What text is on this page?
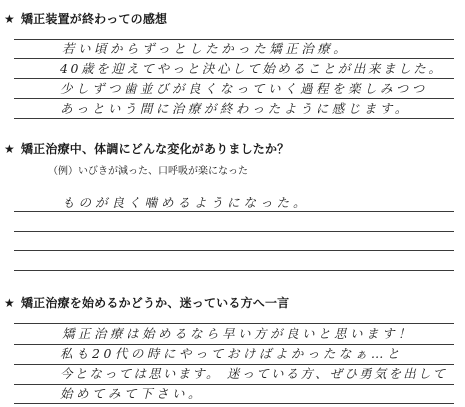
★ 矯正装置が終わっての感想
若い頃からずっとしたかった矯正治療。
40歳を迎えてやっと決心して始めることが出来ました。
少しずつ歯並びが良くなっていく過程を楽しみつつ
あっという間に治療が終わったように感じます。
★ 矯正治療中、体調にどんな変化がありましたか？
（例）いびきが減った、口呼吸が楽になった
ものが良く噛めるようになった。
★ 矯正治療を始めるかどうか、迷っている方へ一言
矯正治療は始めるなら早い方が良いと思います！
私も20代の時にやっておけばよかったなぁ…と
今となっては思います。 迷っている方、ぜひ勇気を出して
始めてみて下さい。
